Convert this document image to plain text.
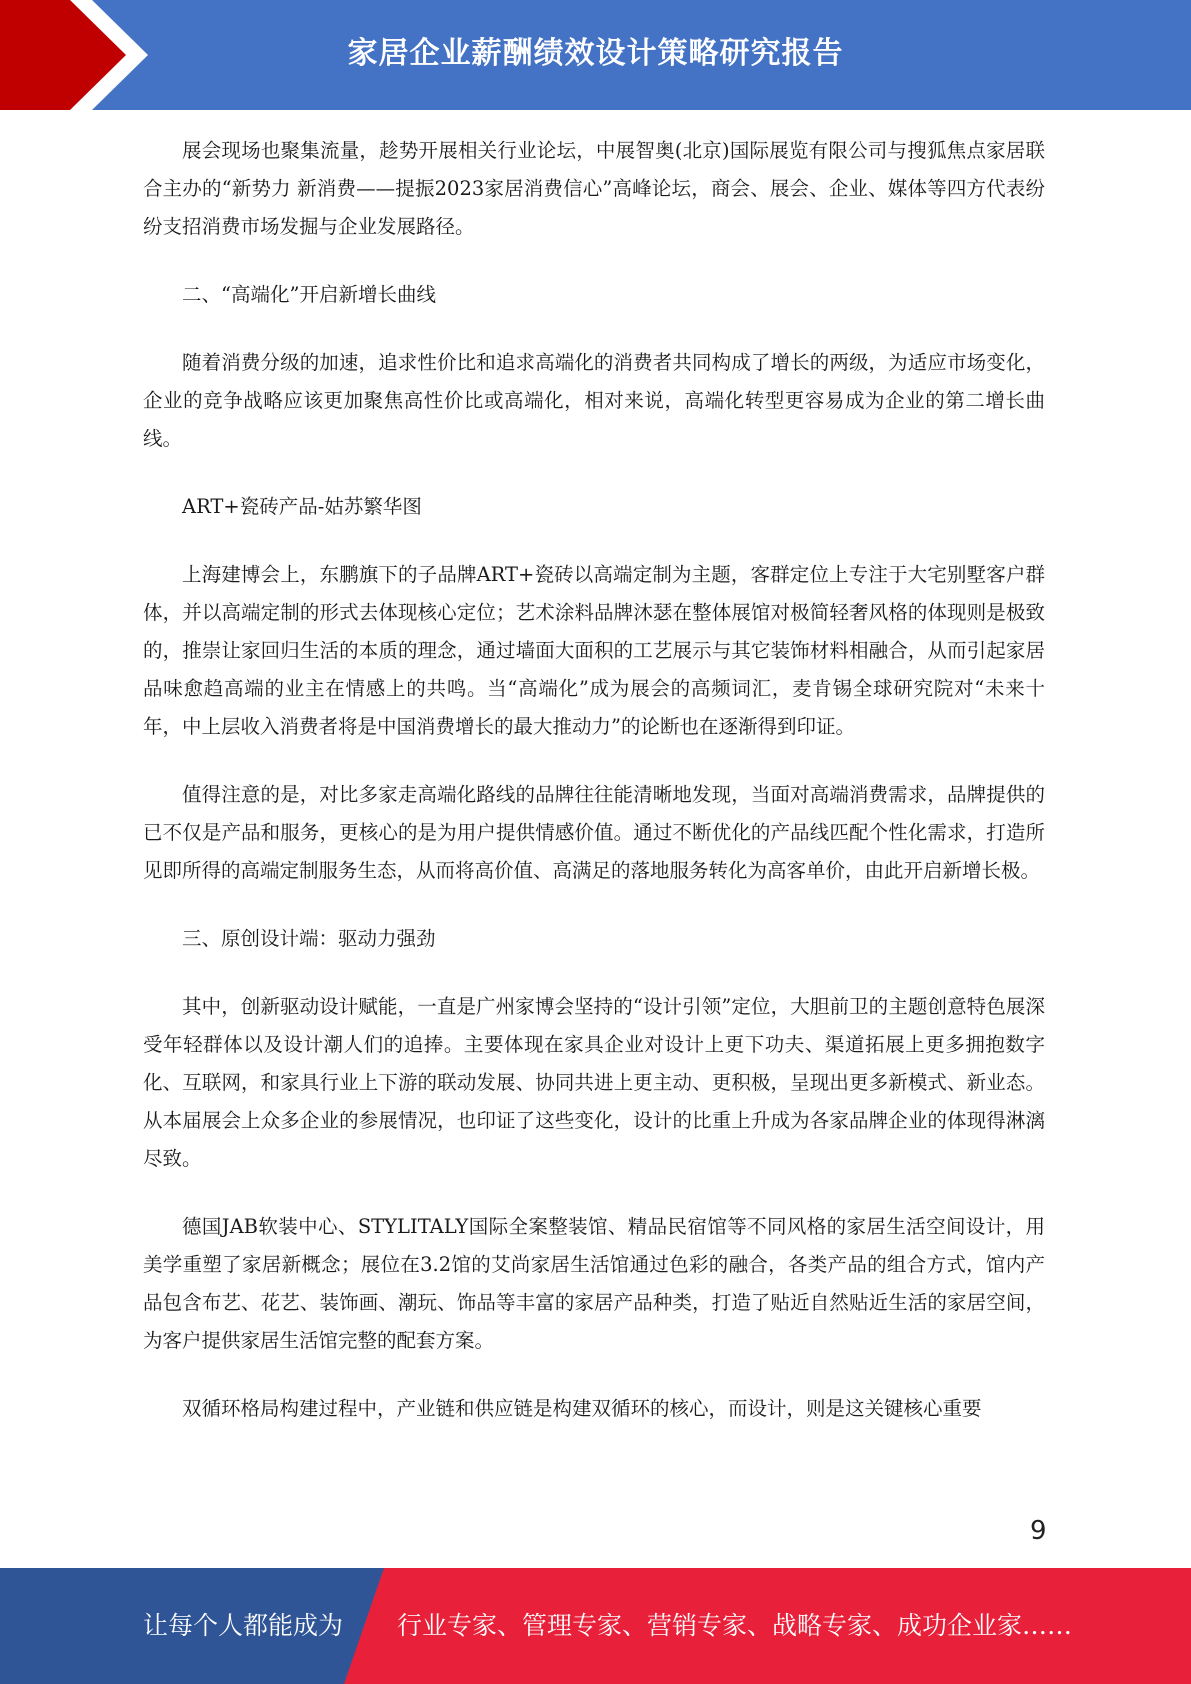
家居企业薪酬绩效设计策略研究报告

展会现场也聚集流量，趁势开展相关行业论坛，中展智奥(北京)国际展览有限公司与搜狐焦点家居联合主办的“新势力 新消费——提振2023家居消费信心”高峰论坛，商会、展会、企业、媒体等四方代表纷纷支招消费市场发掘与企业发展路径。

二、“高端化”开启新增长曲线

随着消费分级的加速，追求性价比和追求高端化的消费者共同构成了增长的两级，为适应市场变化，企业的竞争战略应该更加聚焦高性价比或高端化，相对来说，高端化转型更容易成为企业的第二增长曲线。

ART+瓷砖产品-姑苏繁华图

上海建博会上，东鹏旗下的子品牌ART+瓷砖以高端定制为主题，客群定位上专注于大宅别墅客户群体，并以高端定制的形式去体现核心定位；艺术涂料品牌沐瑟在整体展馆对极简轻奢风格的体现则是极致的，推崇让家回归生活的本质的理念，通过墙面大面积的工艺展示与其它装饰材料相融合，从而引起家居品味愈趋高端的业主在情感上的共鸣。当“高端化”成为展会的高频词汇，麦肯锡全球研究院对“未来十年，中上层收入消费者将是中国消费增长的最大推动力”的论断也在逐渐得到印证。

值得注意的是，对比多家走高端化路线的品牌往往能清晰地发现，当面对高端消费需求，品牌提供的已不仅是产品和服务，更核心的是为用户提供情感价值。通过不断优化的产品线匹配个性化需求，打造所见即所得的高端定制服务生态，从而将高价值、高满足的落地服务转化为高客单价，由此开启新增长极。

三、原创设计端：驱动力强劲

其中，创新驱动设计赋能，一直是广州家博会坚持的“设计引领”定位，大胆前卫的主题创意特色展深受年轻群体以及设计潮人们的追捧。主要体现在家具企业对设计上更下功夫、渠道拓展上更多拥抱数字化、互联网，和家具行业上下游的联动发展、协同共进上更主动、更积极，呈现出更多新模式、新业态。从本届展会上众多企业的参展情况，也印证了这些变化，设计的比重上升成为各家品牌企业的体现得淋漓尽致。

德国JAB软装中心、STYLITALY国际全案整装馆、精品民宿馆等不同风格的家居生活空间设计，用美学重塑了家居新概念；展位在3.2馆的艾尚家居生活馆通过色彩的融合，各类产品的组合方式，馆内产品包含布艺、花艺、装饰画、潮玩、饰品等丰富的家居产品种类，打造了贴近自然贴近生活的家居空间，为客户提供家居生活馆完整的配套方案。

双循环格局构建过程中，产业链和供应链是构建双循环的核心，而设计，则是这关键核心重要

9
让每个人都能成为 行业专家、管理专家、营销专家、战略专家、成功企业家……
